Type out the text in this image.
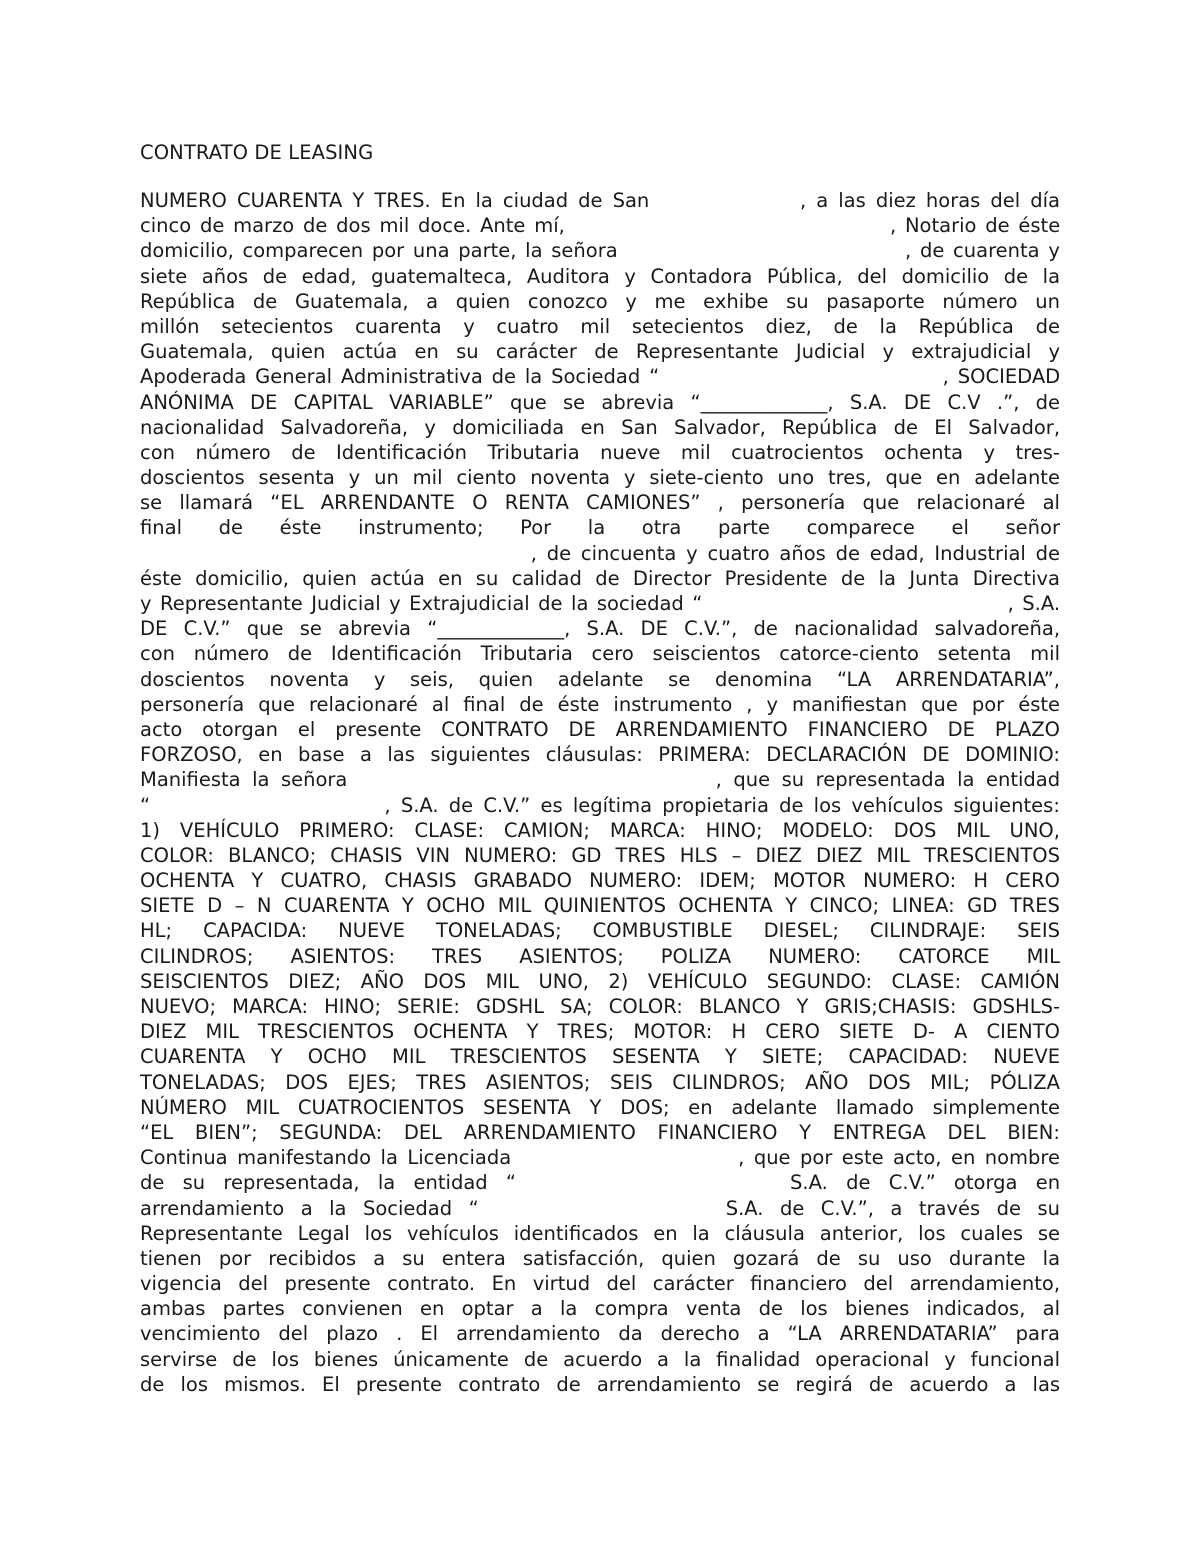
CONTRATO DE LEASING
NUMERO CUARENTA Y TRES. En la ciudad de San               , a las diez horas del día
cinco de marzo de dos mil doce. Ante mí,                                     , Notario de éste
domicilio, comparecen por una parte, la señora                                 , de cuarenta y
siete años de edad, guatemalteca, Auditora y Contadora Pública, del domicilio de la
República de Guatemala, a quien conozco y me exhibe su pasaporte número un
millón setecientos cuarenta y cuatro mil setecientos diez, de la República de
Guatemala, quien actúa en su carácter de Representante Judicial y extrajudicial y
Apoderada General Administrativa de la Sociedad “                                , SOCIEDAD
ANÓNIMA DE CAPITAL VARIABLE” que se abrevia “_____________, S.A. DE C.V .”, de
nacionalidad Salvadoreña, y domiciliada en San Salvador, República de El Salvador,
con número de Identificación Tributaria nueve mil cuatrocientos ochenta y tres-
doscientos sesenta y un mil ciento noventa y siete-ciento uno tres, que en adelante
se llamará “EL ARRENDANTE O RENTA CAMIONES” , personería que relacionaré al
final de éste instrumento; Por la otra parte comparece el señor
, de cincuenta y cuatro años de edad, Industrial de
éste domicilio, quien actúa en su calidad de Director Presidente de la Junta Directiva
y Representante Judicial y Extrajudicial de la sociedad “                                    , S.A.
DE C.V.” que se abrevia “_____________, S.A. DE C.V.”, de nacionalidad salvadoreña,
con número de Identificación Tributaria cero seiscientos catorce-ciento setenta mil
doscientos noventa y seis, quien adelante se denomina “LA ARRENDATARIA”,
personería que relacionaré al final de éste instrumento , y manifiestan que por éste
acto otorgan el presente CONTRATO DE ARRENDAMIENTO FINANCIERO DE PLAZO
FORZOSO, en base a las siguientes cláusulas: PRIMERA: DECLARACIÓN DE DOMINIO:
Manifiesta la señora                                , que su representada la entidad
“                       , S.A. de C.V.” es legítima propietaria de los vehículos siguientes:
1) VEHÍCULO PRIMERO: CLASE: CAMION; MARCA: HINO; MODELO: DOS MIL UNO,
COLOR: BLANCO; CHASIS VIN NUMERO: GD TRES HLS – DIEZ DIEZ MIL TRESCIENTOS
OCHENTA Y CUATRO, CHASIS GRABADO NUMERO: IDEM; MOTOR NUMERO: H CERO
SIETE D – N CUARENTA Y OCHO MIL QUINIENTOS OCHENTA Y CINCO; LINEA: GD TRES
HL; CAPACIDA: NUEVE TONELADAS; COMBUSTIBLE DIESEL; CILINDRAJE: SEIS
CILINDROS; ASIENTOS: TRES ASIENTOS; POLIZA NUMERO: CATORCE MIL
SEISCIENTOS DIEZ; AÑO DOS MIL UNO, 2) VEHÍCULO SEGUNDO: CLASE: CAMIÓN
NUEVO; MARCA: HINO; SERIE: GDSHL SA; COLOR: BLANCO Y GRIS;CHASIS: GDSHLS-
DIEZ MIL TRESCIENTOS OCHENTA Y TRES; MOTOR: H CERO SIETE D- A CIENTO
CUARENTA Y OCHO MIL TRESCIENTOS SESENTA Y SIETE; CAPACIDAD: NUEVE
TONELADAS; DOS EJES; TRES ASIENTOS; SEIS CILINDROS; AÑO DOS MIL; PÓLIZA
NÚMERO MIL CUATROCIENTOS SESENTA Y DOS; en adelante llamado simplemente
“EL BIEN”; SEGUNDA: DEL ARRENDAMIENTO FINANCIERO Y ENTREGA DEL BIEN:
Continua manifestando la Licenciada                        , que por este acto, en nombre
de su representada, la entidad “               S.A. de C.V.” otorga en
arrendamiento a la Sociedad “               S.A. de C.V.”, a través de su
Representante Legal los vehículos identificados en la cláusula anterior, los cuales se
tienen por recibidos a su entera satisfacción, quien gozará de su uso durante la
vigencia del presente contrato. En virtud del carácter financiero del arrendamiento,
ambas partes convienen en optar a la compra venta de los bienes indicados, al
vencimiento del plazo . El arrendamiento da derecho a “LA ARRENDATARIA” para
servirse de los bienes únicamente de acuerdo a la finalidad operacional y funcional
de los mismos. El presente contrato de arrendamiento se regirá de acuerdo a las
